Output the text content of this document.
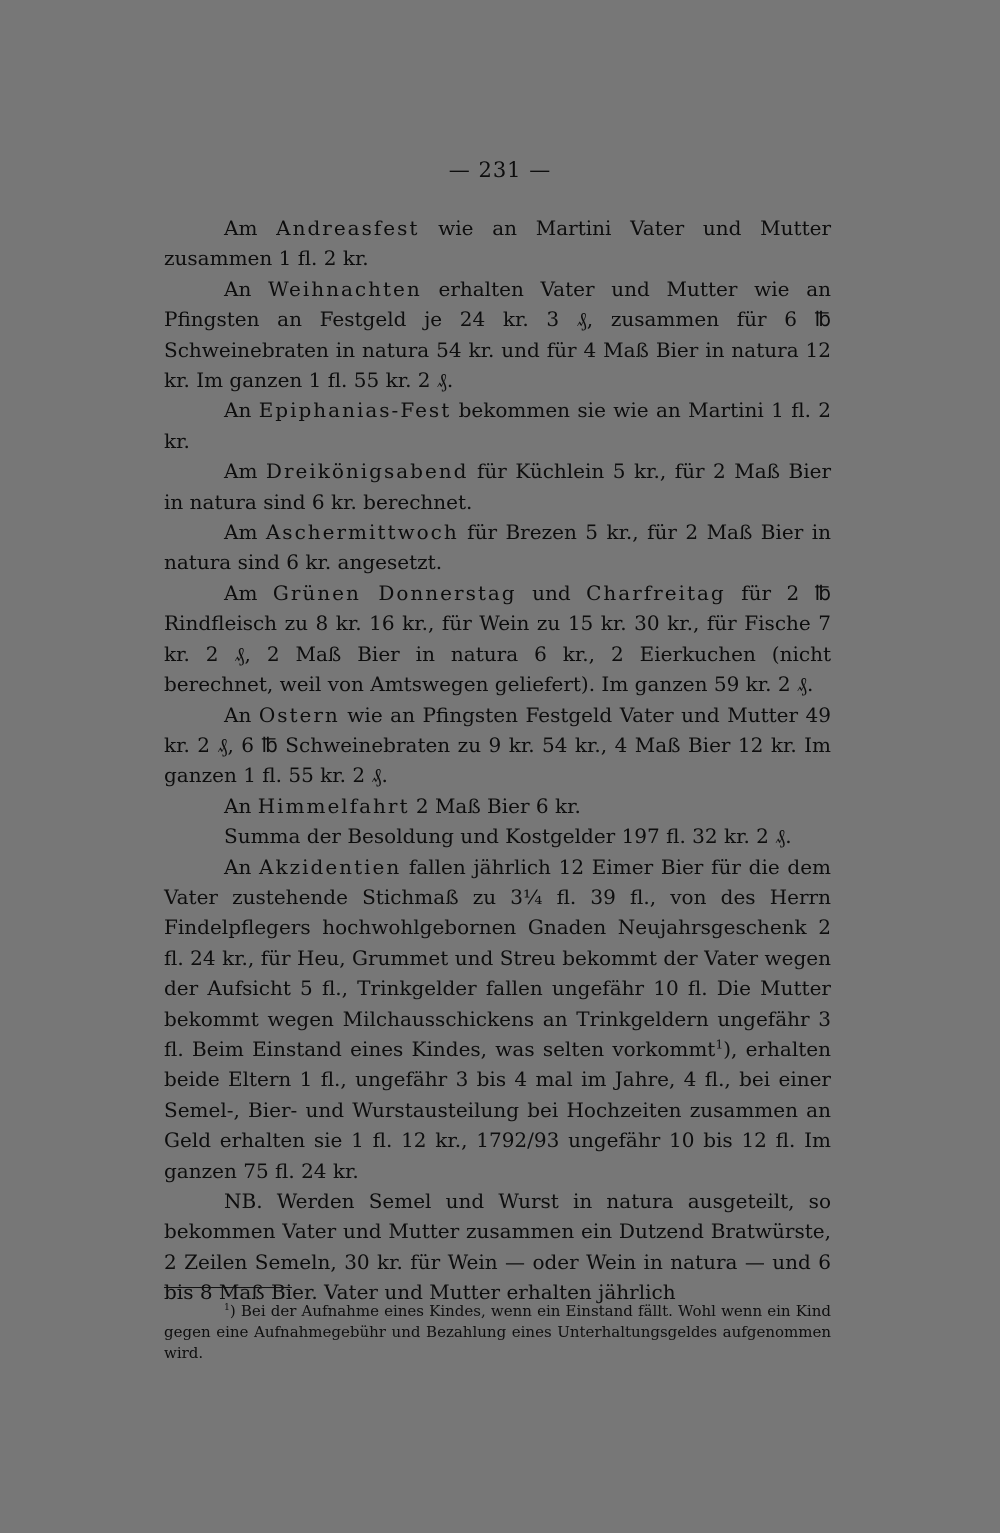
— 231 —

Am Andreasfest wie an Martini Vater und Mutter zusammen 1 fl. 2 kr.

An Weihnachten erhalten Vater und Mutter wie an Pfingsten an Festgeld je 24 kr. 3 ₰, zusammen für 6 ℔ Schweinebraten in natura 54 kr. und für 4 Maß Bier in natura 12 kr. Im ganzen 1 fl. 55 kr. 2 ₰.

An Epiphanias-Fest bekommen sie wie an Martini 1 fl. 2 kr.

Am Dreikönigsabend für Küchlein 5 kr., für 2 Maß Bier in natura sind 6 kr. berechnet.

Am Aschermittwoch für Brezen 5 kr., für 2 Maß Bier in natura sind 6 kr. angesetzt.

Am Grünen Donnerstag und Charfreitag für 2 ℔ Rindfleisch zu 8 kr. 16 kr., für Wein zu 15 kr. 30 kr., für Fische 7 kr. 2 ₰, 2 Maß Bier in natura 6 kr., 2 Eierkuchen (nicht berechnet, weil von Amtswegen geliefert). Im ganzen 59 kr. 2 ₰.

An Ostern wie an Pfingsten Festgeld Vater und Mutter 49 kr. 2 ₰, 6 ℔ Schweinebraten zu 9 kr. 54 kr., 4 Maß Bier 12 kr. Im ganzen 1 fl. 55 kr. 2 ₰.

An Himmelfahrt 2 Maß Bier 6 kr.

Summa der Besoldung und Kostgelder 197 fl. 32 kr. 2 ₰.

An Akzidentien fallen jährlich 12 Eimer Bier für die dem Vater zustehende Stichmaß zu 3¼ fl. 39 fl., von des Herrn Findelpflegers hochwohlgebornen Gnaden Neujahrsgeschenk 2 fl. 24 kr., für Heu, Grummet und Streu bekommt der Vater wegen der Aufsicht 5 fl., Trinkgelder fallen ungefähr 10 fl. Die Mutter bekommt wegen Milchausschickens an Trinkgeldern ungefähr 3 fl. Beim Einstand eines Kindes, was selten vorkommt$^1$), erhalten beide Eltern 1 fl., ungefähr 3 bis 4 mal im Jahre, 4 fl., bei einer Semel-, Bier- und Wurstausteilung bei Hochzeiten zusammen an Geld erhalten sie 1 fl. 12 kr., 1792/93 ungefähr 10 bis 12 fl. Im ganzen 75 fl. 24 kr.

NB. Werden Semel und Wurst in natura ausgeteilt, so bekommen Vater und Mutter zusammen ein Dutzend Bratwürste, 2 Zeilen Semeln, 30 kr. für Wein — oder Wein in natura — und 6 bis 8 Maß Bier. Vater und Mutter erhalten jährlich

$^1$) Bei der Aufnahme eines Kindes, wenn ein Einstand fällt. Wohl wenn ein Kind gegen eine Aufnahmegebühr und Bezahlung eines Unterhaltungsgeldes aufgenommen wird.
